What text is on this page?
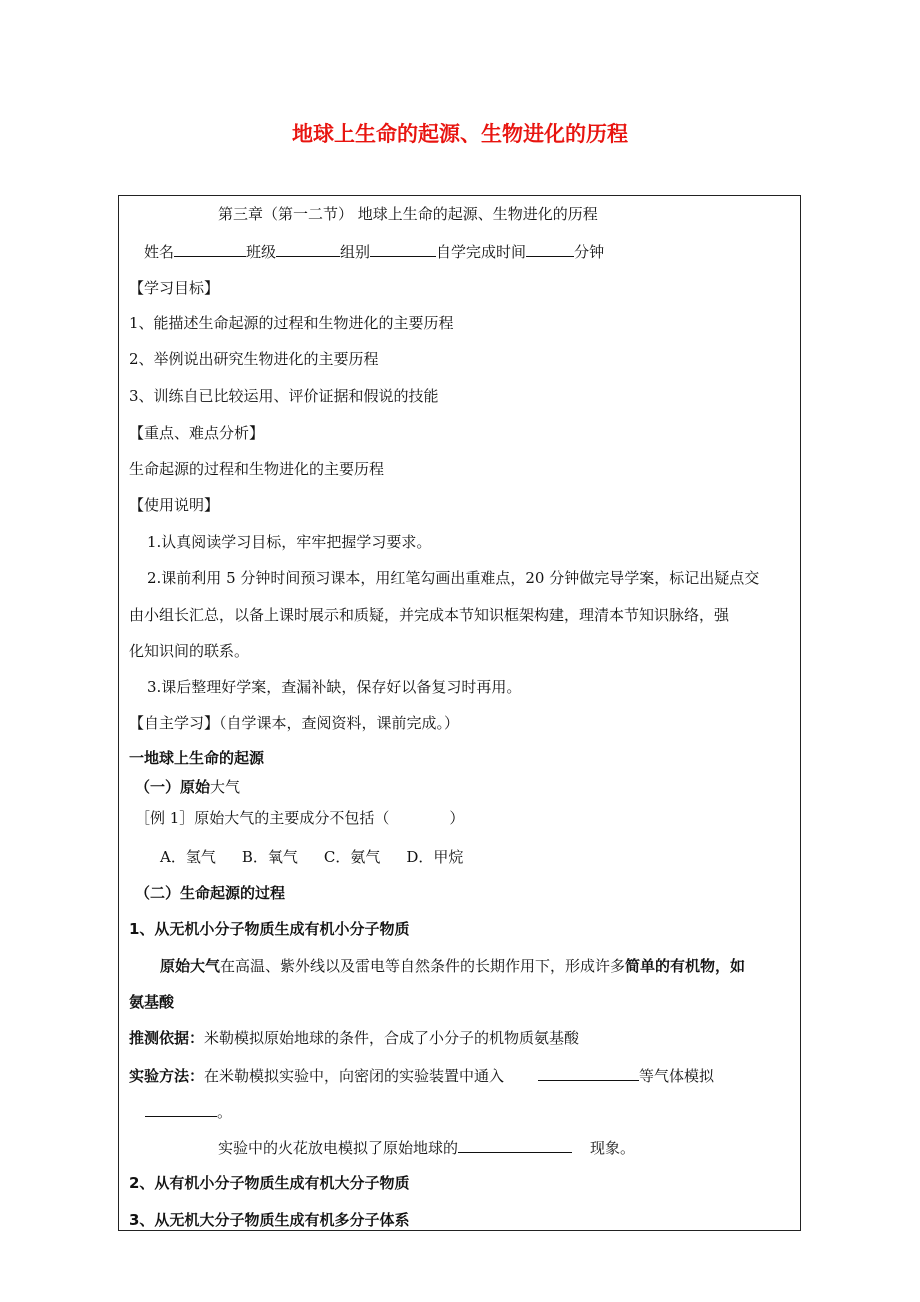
地球上生命的起源、生物进化的历程
第三章（第一二节） 地球上生命的起源、生物进化的历程
姓名	班级	组别	自学完成时间	分钟
【学习目标】
1、能描述生命起源的过程和生物进化的主要历程
2、举例说出研究生物进化的主要历程
3、训练自已比较运用、评价证据和假说的技能
【重点、难点分析】
生命起源的过程和生物进化的主要历程
【使用说明】
1.认真阅读学习目标，牢牢把握学习要求。
2.课前利用 5 分钟时间预习课本，用红笔勾画出重难点，20 分钟做完导学案，标记出疑点交
由小组长汇总，以备上课时展示和质疑，并完成本节知识框架构建，理清本节知识脉络，强
化知识间的联系。
3.课后整理好学案，查漏补缺，保存好以备复习时再用。
【自主学习】（自学课本，查阅资料，课前完成。）
一地球上生命的起源
（一）原始大气
［例 1］原始大气的主要成分不包括（　　　　）
A．氢气 B．氧气 C．氨气 D．甲烷
（二）生命起源的过程
1、从无机小分子物质生成有机小分子物质
原始大气在高温、紫外线以及雷电等自然条件的长期作用下，形成许多简单的有机物，如
氨基酸
推测依据：米勒模拟原始地球的条件，合成了小分子的机物质氨基酸
实验方法：在米勒模拟实验中，向密闭的实验装置中通入	等气体模拟
。
实验中的火花放电模拟了原始地球的	现象。
2、从有机小分子物质生成有机大分子物质
3、从无机大分子物质生成有机多分子体系
